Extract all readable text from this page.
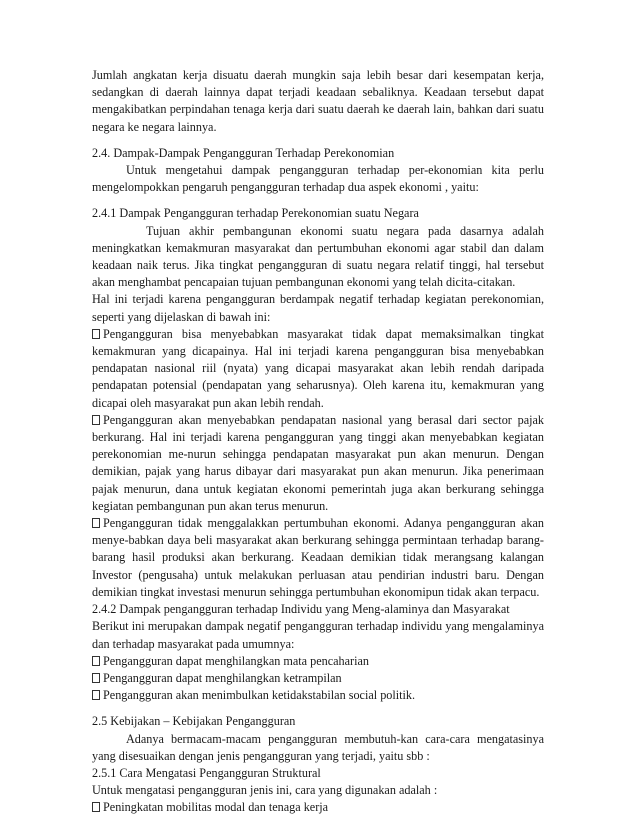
Jumlah angkatan kerja disuatu daerah mungkin saja lebih besar dari kesempatan kerja, sedangkan di daerah lainnya dapat terjadi keadaan sebaliknya. Keadaan tersebut dapat mengakibatkan perpindahan tenaga kerja dari suatu daerah ke daerah lain, bahkan dari suatu negara ke negara lainnya.

2.4. Dampak-Dampak Pengangguran Terhadap Perekonomian

Untuk mengetahui dampak pengangguran terhadap per-ekonomian kita perlu mengelompokkan pengaruh pengangguran terhadap dua aspek ekonomi , yaitu:

2.4.1 Dampak Pengangguran terhadap Perekonomian suatu Negara

Tujuan akhir pembangunan ekonomi suatu negara pada dasarnya adalah meningkatkan kemakmuran masyarakat dan pertumbuhan ekonomi agar stabil dan dalam keadaan naik terus. Jika tingkat pengangguran di suatu negara relatif tinggi, hal tersebut akan menghambat pencapaian tujuan pembangunan ekonomi yang telah dicita-citakan.

Hal ini terjadi karena pengangguran berdampak negatif terhadap kegiatan perekonomian, seperti yang dijelaskan di bawah ini:

Pengangguran bisa menyebabkan masyarakat tidak dapat memaksimalkan tingkat kemakmuran yang dicapainya. Hal ini terjadi karena pengangguran bisa menyebabkan pendapatan nasional riil (nyata) yang dicapai masyarakat akan lebih rendah daripada pendapatan potensial (pendapatan yang seharusnya). Oleh karena itu, kemakmuran yang dicapai oleh masyarakat pun akan lebih rendah.

Pengangguran akan menyebabkan pendapatan nasional yang berasal dari sector pajak berkurang. Hal ini terjadi karena pengangguran yang tinggi akan menyebabkan kegiatan perekonomian me-nurun sehingga pendapatan masyarakat pun akan menurun. Dengan demikian, pajak yang harus dibayar dari masyarakat pun akan menurun. Jika penerimaan pajak menurun, dana untuk kegiatan ekonomi pemerintah juga akan berkurang sehingga kegiatan pembangunan pun akan terus menurun.

Pengangguran tidak menggalakkan pertumbuhan ekonomi. Adanya pengangguran akan menye-babkan daya beli masyarakat akan berkurang sehingga permintaan terhadap barang-barang hasil produksi akan berkurang. Keadaan demikian tidak merangsang kalangan Investor (pengusaha) untuk melakukan perluasan atau pendirian industri baru. Dengan demikian tingkat investasi menurun sehingga pertumbuhan ekonomipun tidak akan terpacu.

2.4.2 Dampak pengangguran terhadap Individu yang Meng-alaminya dan Masyarakat

Berikut ini merupakan dampak negatif pengangguran terhadap individu yang mengalaminya dan terhadap masyarakat pada umumnya:

Pengangguran dapat menghilangkan mata pencaharian

Pengangguran dapat menghilangkan ketrampilan

Pengangguran akan menimbulkan ketidakstabilan social politik.

2.5 Kebijakan – Kebijakan Pengangguran

Adanya bermacam-macam pengangguran membutuh-kan cara-cara mengatasinya yang disesuaikan dengan jenis pengangguran yang terjadi, yaitu sbb :

2.5.1 Cara Mengatasi Pengangguran Struktural

Untuk mengatasi pengangguran jenis ini, cara yang digunakan adalah :

Peningkatan mobilitas modal dan tenaga kerja
